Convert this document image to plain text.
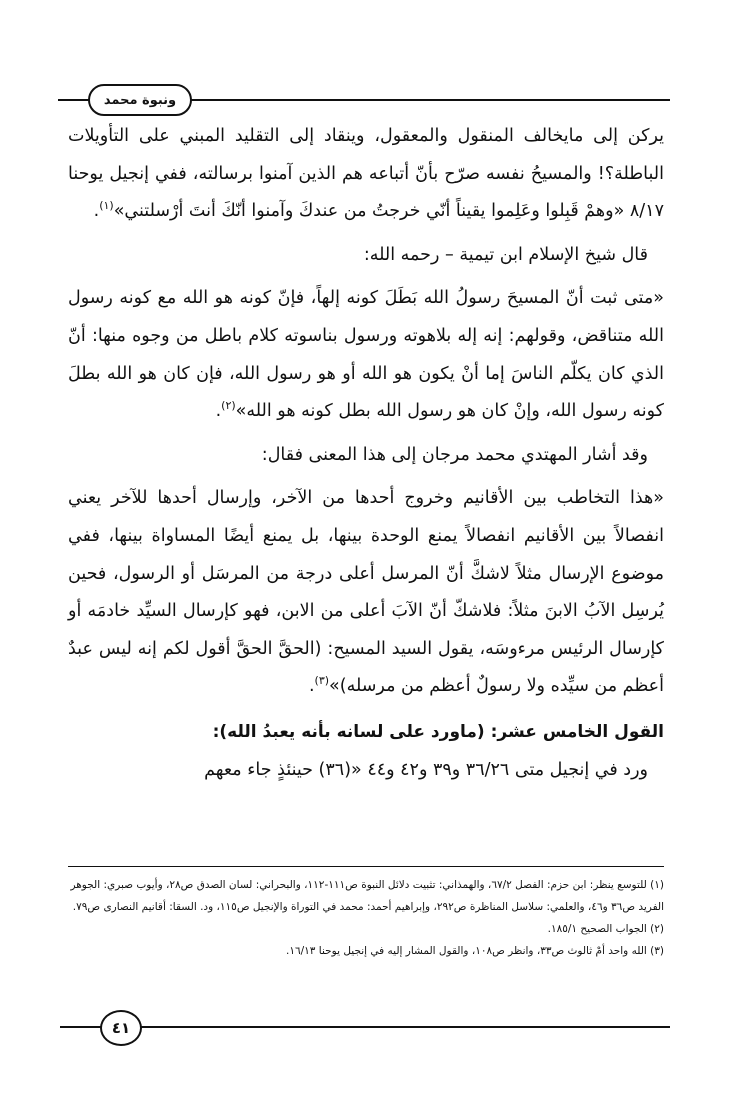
ونبوة محمد

يركن إلى مايخالف المنقول والمعقول، وينقاد إلى التقليد المبني على التأويلات الباطلة؟! والمسيحُ نفسه صرّح بأنّ أتباعه هم الذين آمنوا برسالته، ففي إنجيل يوحنا ٨/١٧ «وهمْ قَبِلوا وعَلِموا يقيناً أنّي خرجتُ من عندكَ وآمنوا أنّكَ أنتَ أرْسلتني»$^{(١)}$.

قال شيخ الإسلام ابن تيمية – رحمه الله:

«متى ثبت أنّ المسيحَ رسولُ الله بَطَلَ كونه إلهاً، فإنّ كونه هو الله مع كونه رسول الله متناقض، وقولهم: إنه إله بلاهوته ورسول بناسوته كلام باطل من وجوه منها: أنّ الذي كان يكلّم الناسَ إما أنْ يكون هو الله أو هو رسول الله، فإن كان هو الله بطلَ كونه رسول الله، وإنْ كان هو رسول الله بطل كونه هو الله»$^{(٢)}$.

وقد أشار المهتدي محمد مرجان إلى هذا المعنى فقال:

«هذا التخاطب بين الأقانيم وخروج أحدها من الآخر، وإرسال أحدها للآخر يعني انفصالاً بين الأقانيم انفصالاً يمنع الوحدة بينها، بل يمنع أيضًا المساواة بينها، ففي موضوع الإرسال مثلاً لاشكَّ أنّ المرسل أعلى درجة من المرسَل أو الرسول، فحين يُرسِل الآبُ الابنَ مثلاً: فلاشكّ أنّ الآبَ أعلى من الابن، فهو كإرسال السيِّد خادمَه أو كإرسال الرئيس مرءوسَه، يقول السيد المسيح: (الحقَّ الحقَّ أقول لكم إنه ليس عبدٌ أعظم من سيِّده ولا رسولٌ أعظم من مرسله)»$^{(٣)}$.

القول الخامس عشر: (ماورد على لسانه بأنه يعبدُ الله):

ورد في إنجيل متى ٣٦/٢٦ و٣٩ و٤٢ و٤٤ «(٣٦) حينئذٍ جاء معهم

(١) للتوسع ينظر: ابن حزم: الفصل ٦٧/٢، والهمذاني: تثبيت دلائل النبوة ص١١١-١١٢، والبحراني: لسان الصدق ص٢٨، وأيوب صبري: الجوهر الفريد ص٣٦ و٤٦، والعلمي: سلاسل المناظرة ص٢٩٢، وإبراهيم أحمد: محمد في التوراة والإنجيل ص١١٥، ود. السقا: أقانيم النصارى ص٧٩.

(٢) الجواب الصحيح ١٨٥/١.

(٣) الله واحد أمْ ثالوث ص٣٣، وانظر ص١٠٨، والقول المشار إليه في إنجيل يوحنا ١٦/١٣.

٤١
